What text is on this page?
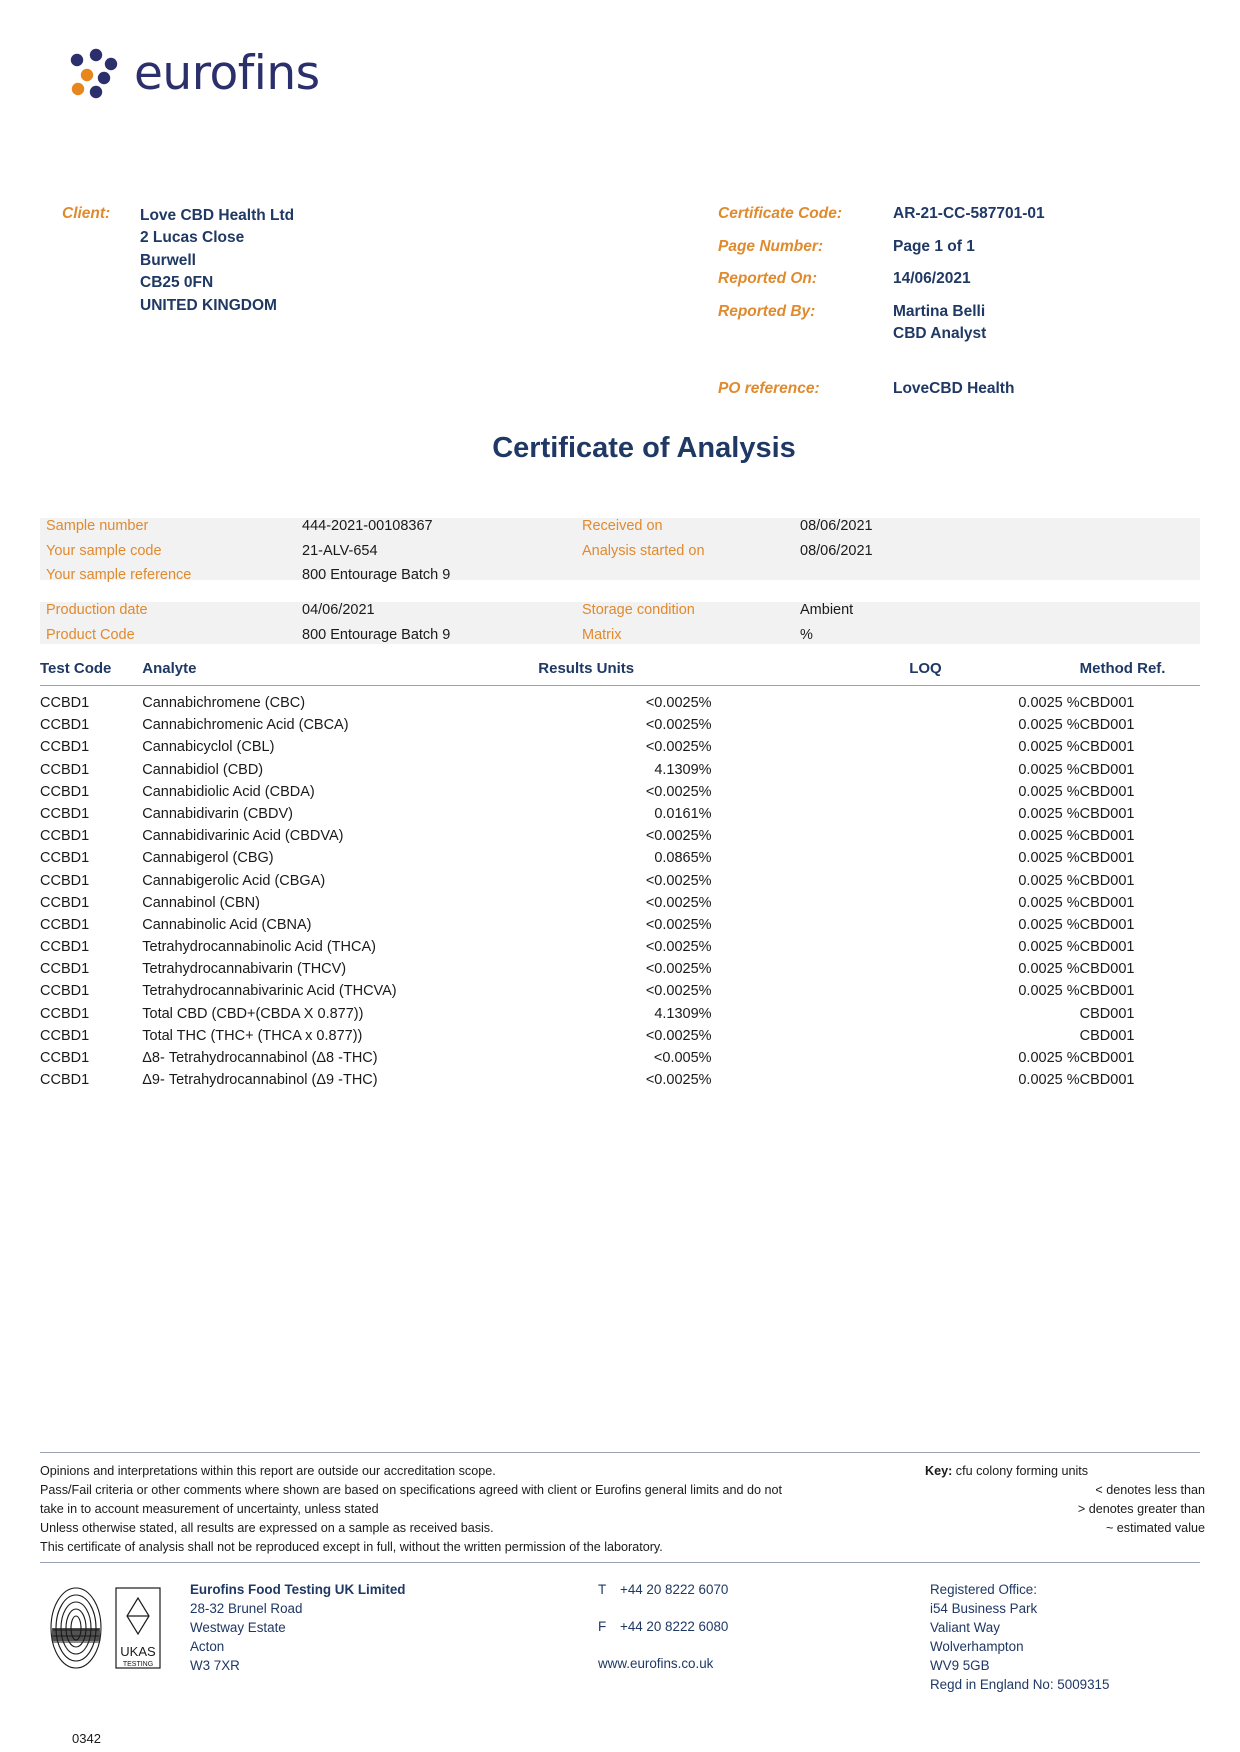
eurofins
Client:	Love CBD Health Ltd
2 Lucas Close
Burwell
CB25 0FN
UNITED KINGDOM
Certificate Code:	AR-21-CC-587701-01
Page Number:	Page 1 of 1
Reported On:	14/06/2021
Reported By:	Martina Belli
	CBD Analyst
PO reference:	LoveCBD Health
Certificate of Analysis
Sample number	444-2021-00108367	Received on	08/06/2021
Your sample code	21-ALV-654	Analysis started on	08/06/2021
Your sample reference	800 Entourage Batch 9
Production date	04/06/2021	Storage condition	Ambient
Product Code	800 Entourage Batch 9	Matrix	%
Test Code	Analyte	Results Units		LOQ	Method Ref.
CCBD1	Cannabichromene (CBC)	<0.0025	%	0.0025 %	CBD001
CCBD1	Cannabichromenic Acid (CBCA)	<0.0025	%	0.0025 %	CBD001
CCBD1	Cannabicyclol (CBL)	<0.0025	%	0.0025 %	CBD001
CCBD1	Cannabidiol (CBD)	4.1309	%	0.0025 %	CBD001
CCBD1	Cannabidiolic Acid (CBDA)	<0.0025	%	0.0025 %	CBD001
CCBD1	Cannabidivarin (CBDV)	0.0161	%	0.0025 %	CBD001
CCBD1	Cannabidivarinic Acid (CBDVA)	<0.0025	%	0.0025 %	CBD001
CCBD1	Cannabigerol (CBG)	0.0865	%	0.0025 %	CBD001
CCBD1	Cannabigerolic Acid (CBGA)	<0.0025	%	0.0025 %	CBD001
CCBD1	Cannabinol (CBN)	<0.0025	%	0.0025 %	CBD001
CCBD1	Cannabinolic Acid (CBNA)	<0.0025	%	0.0025 %	CBD001
CCBD1	Tetrahydrocannabinolic Acid (THCA)	<0.0025	%	0.0025 %	CBD001
CCBD1	Tetrahydrocannabivarin (THCV)	<0.0025	%	0.0025 %	CBD001
CCBD1	Tetrahydrocannabivarinic Acid (THCVA)	<0.0025	%	0.0025 %	CBD001
CCBD1	Total CBD (CBD+(CBDA X 0.877))	4.1309	%		CBD001
CCBD1	Total THC (THC+ (THCA x 0.877))	<0.0025	%		CBD001
CCBD1	Δ8- Tetrahydrocannabinol (Δ8 -THC)	<0.005	%	0.0025 %	CBD001
CCBD1	Δ9- Tetrahydrocannabinol (Δ9 -THC)	<0.0025	%	0.0025 %	CBD001
Opinions and interpretations within this report are outside our accreditation scope.
Pass/Fail criteria or other comments where shown are based on specifications agreed with client or Eurofins general limits and do not
take in to account measurement of uncertainty, unless stated
Unless otherwise stated, all results are expressed on a sample as received basis.
This certificate of analysis shall not be reproduced except in full, without the written permission of the laboratory.
Key: cfu colony forming units
< denotes less than
> denotes greater than
~ estimated value
UKAS
TESTING
0342
Eurofins Food Testing UK Limited
28-32 Brunel Road
Westway Estate
Acton
W3 7XR
T +44 20 8222 6070
F +44 20 8222 6080
www.eurofins.co.uk
Registered Office:
i54 Business Park
Valiant Way
Wolverhampton
WV9 5GB
Regd in England No: 5009315
